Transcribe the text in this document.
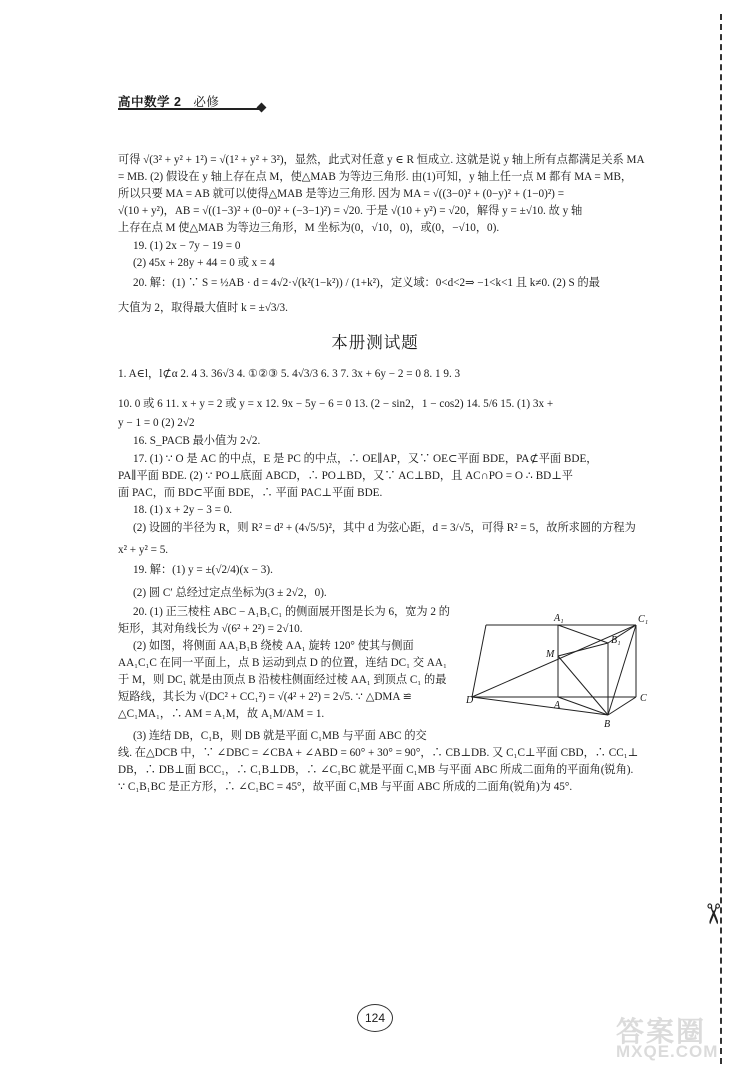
高中数学 2 必修
✂
可得 √(3² + y² + 1²) = √(1² + y² + 3²)，显然，此式对任意 y ∈ R 恒成立. 这就是说 y 轴上所有点都满足关系 MA
= MB. (2) 假设在 y 轴上存在点 M，使△MAB 为等边三角形. 由(1)可知，y 轴上任一点 M 都有 MA = MB，
所以只要 MA = AB 就可以使得△MAB 是等边三角形. 因为 MA = √((3−0)² + (0−y)² + (1−0)²) =
√(10 + y²)，AB = √((1−3)² + (0−0)² + (−3−1)²) = √20. 于是 √(10 + y²) = √20，解得 y = ±√10. 故 y 轴
上存在点 M 使△MAB 为等边三角形，M 坐标为(0，√10，0)，或(0，−√10，0).
19. (1) 2x − 7y − 19 = 0
(2) 45x + 28y + 44 = 0 或 x = 4
20. 解：(1) ∵ S = ½AB · d = 4√2·√(k²(1−k²)) / (1+k²)，定义域：0<d<2⇒ −1<k<1 且 k≠0. (2) S 的最
大值为 2，取得最大值时 k = ±√3/3.
本册测试题
1. A∈l，l⊄α 2. 4 3. 36√3 4. ①②③ 5. 4√3/3 6. 3 7. 3x + 6y − 2 = 0 8. 1 9. 3
10. 0 或 6 11. x + y = 2 或 y = x 12. 9x − 5y − 6 = 0 13. (2 − sin2，1 − cos2) 14. 5/6 15. (1) 3x +
y − 1 = 0 (2) 2√2
16. S_PACB 最小值为 2√2.
17. (1) ∵ O 是 AC 的中点，E 是 PC 的中点，∴ OE∥AP，又∵ OE⊂平面 BDE，PA⊄平面 BDE，
PA∥平面 BDE. (2) ∵ PO⊥底面 ABCD，∴ PO⊥BD，又∵ AC⊥BD，且 AC∩PO = O ∴ BD⊥平
面 PAC，而 BD⊂平面 BDE，∴ 平面 PAC⊥平面 BDE.
18. (1) x + 2y − 3 = 0.
(2) 设圆的半径为 R，则 R² = d² + (4√5/5)²，其中 d 为弦心距，d = 3/√5，可得 R² = 5，故所求圆的方程为
x² + y² = 5.
19. 解：(1) y = ±(√2/4)(x − 3).
(2) 圆 C′ 总经过定点坐标为(3 ± 2√2，0).
20. (1) 正三棱柱 ABC − A₁B₁C₁ 的侧面展开图是长为 6，宽为 2 的
矩形，其对角线长为 √(6² + 2²) = 2√10.
(2) 如图，将侧面 AA₁B₁B 绕棱 AA₁ 旋转 120° 使其与侧面
AA₁C₁C 在同一平面上，点 B 运动到点 D 的位置，连结 DC₁ 交 AA₁
于 M，则 DC₁ 就是由顶点 B 沿棱柱侧面经过棱 AA₁ 到顶点 C₁ 的最
短路线，其长为 √(DC² + CC₁²) = √(4² + 2²) = 2√5. ∵ △DMA ≌
△C₁MA₁，∴ AM = A₁M，故 A₁M/AM = 1.
(3) 连结 DB，C₁B，则 DB 就是平面 C₁MB 与平面 ABC 的交
线. 在△DCB 中，∵ ∠DBC = ∠CBA + ∠ABD = 60° + 30° = 90°，∴ CB⊥DB. 又 C₁C⊥平面 CBD，∴ CC₁⊥
DB，∴ DB⊥面 BCC₁，∴ C₁B⊥DB，∴ ∠C₁BC 就是平面 C₁MB 与平面 ABC 所成二面角的平面角(锐角).
∵ C₁B₁BC 是正方形，∴ ∠C₁BC = 45°，故平面 C₁MB 与平面 ABC 所成的二面角(锐角)为 45°.
A₁	C₁
B₁
M
D	A
C
B
124	答案圈
MXQE.COM
